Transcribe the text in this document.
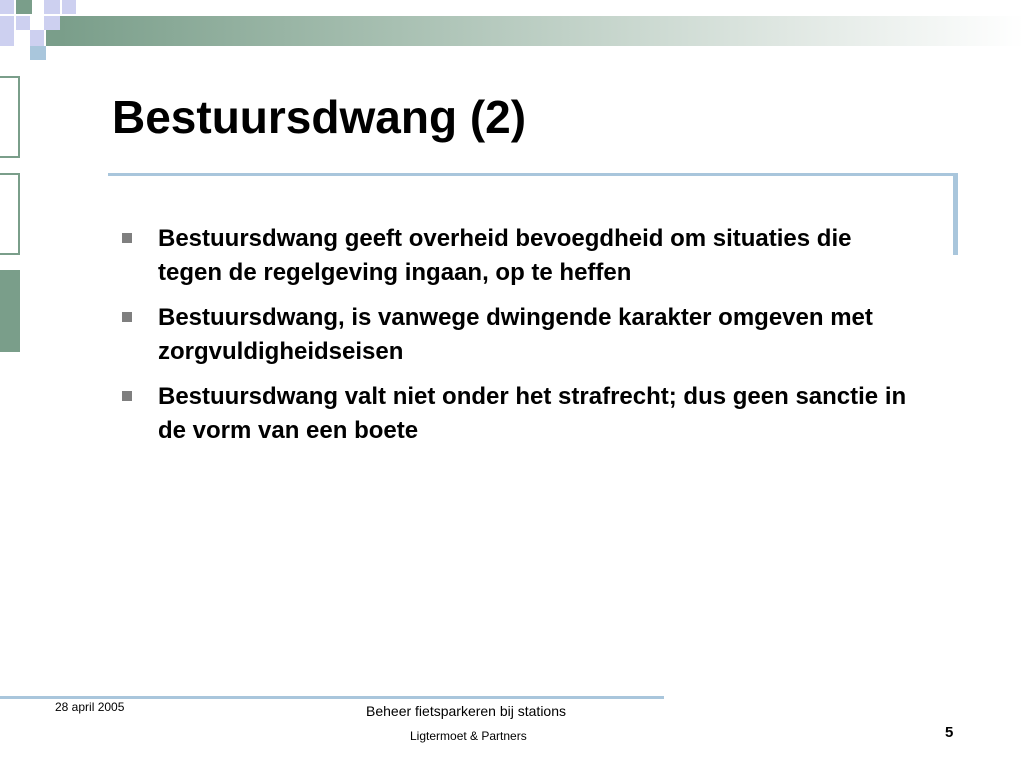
Bestuursdwang (2)
Bestuursdwang geeft overheid bevoegdheid om situaties die tegen de regelgeving ingaan, op te heffen
Bestuursdwang, is vanwege dwingende karakter omgeven met zorgvuldigheidseisen
Bestuursdwang valt niet onder het strafrecht; dus geen sanctie in de vorm van een boete
28 april 2005	Beheer fietsparkeren bij stations
Ligtermoet & Partners	5
